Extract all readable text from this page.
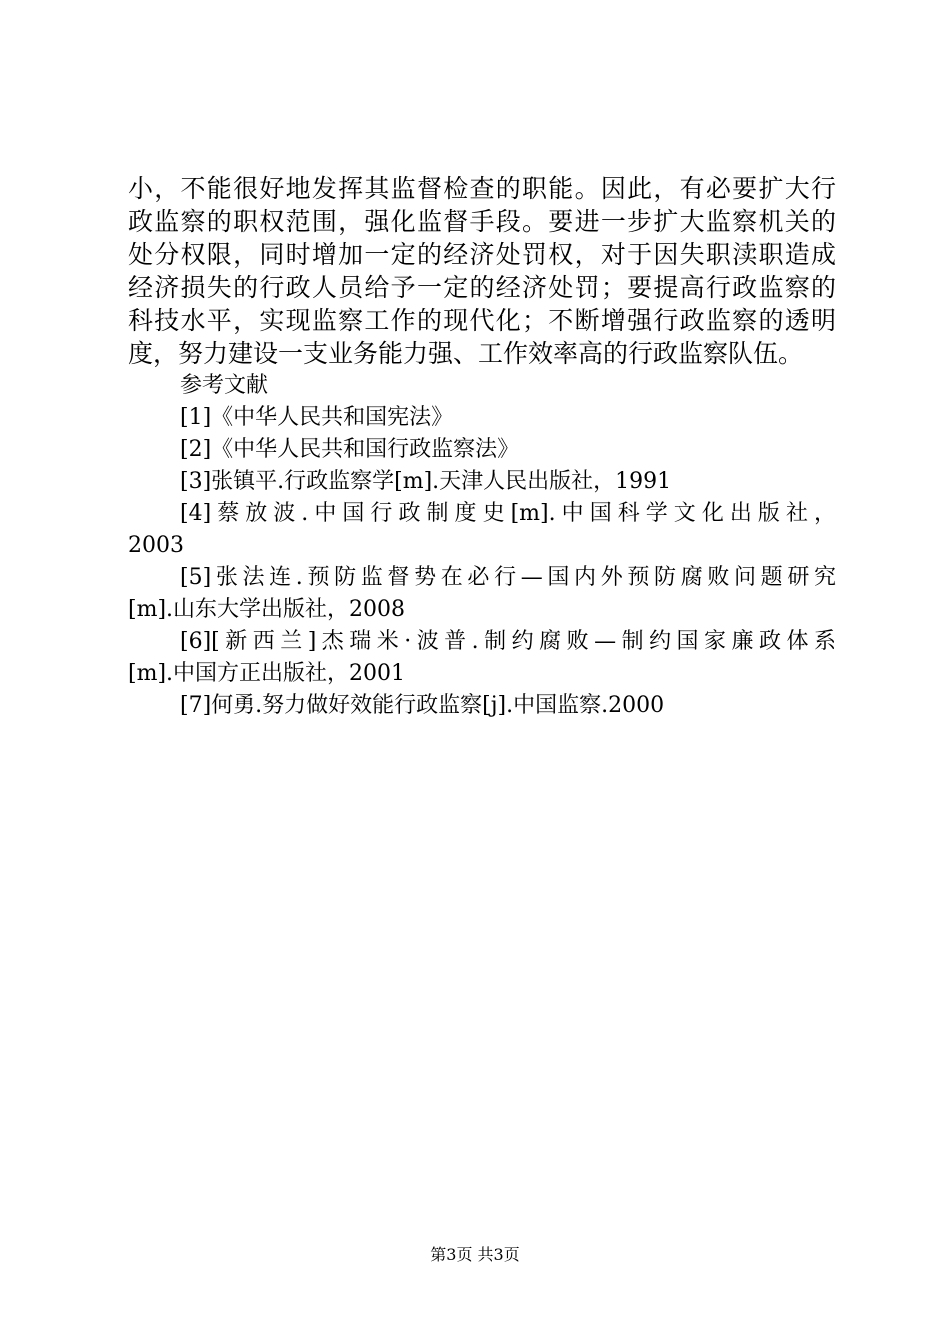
小，不能很好地发挥其监督检查的职能。因此，有必要扩大行
政监察的职权范围，强化监督手段。要进一步扩大监察机关的
处分权限，同时增加一定的经济处罚权，对于因失职渎职造成
经济损失的行政人员给予一定的经济处罚；要提高行政监察的
科技水平，实现监察工作的现代化；不断增强行政监察的透明
度，努力建设一支业务能力强、工作效率高的行政监察队伍。
参考文献
[1]《中华人民共和国宪法》
[2]《中华人民共和国行政监察法》
[3]张镇平.行政监察学[m].天津人民出版社，1991
[4]蔡放波.中国行政制度史[m].中国科学文化出版社，
2003
[5]张法连.预防监督势在必行—国内外预防腐败问题研究
[m].山东大学出版社，2008
[6][新西兰]杰瑞米·波普.制约腐败—制约国家廉政体系
[m].中国方正出版社，2001
[7]何勇.努力做好效能行政监察[j].中国监察.2000
第3页 共3页
